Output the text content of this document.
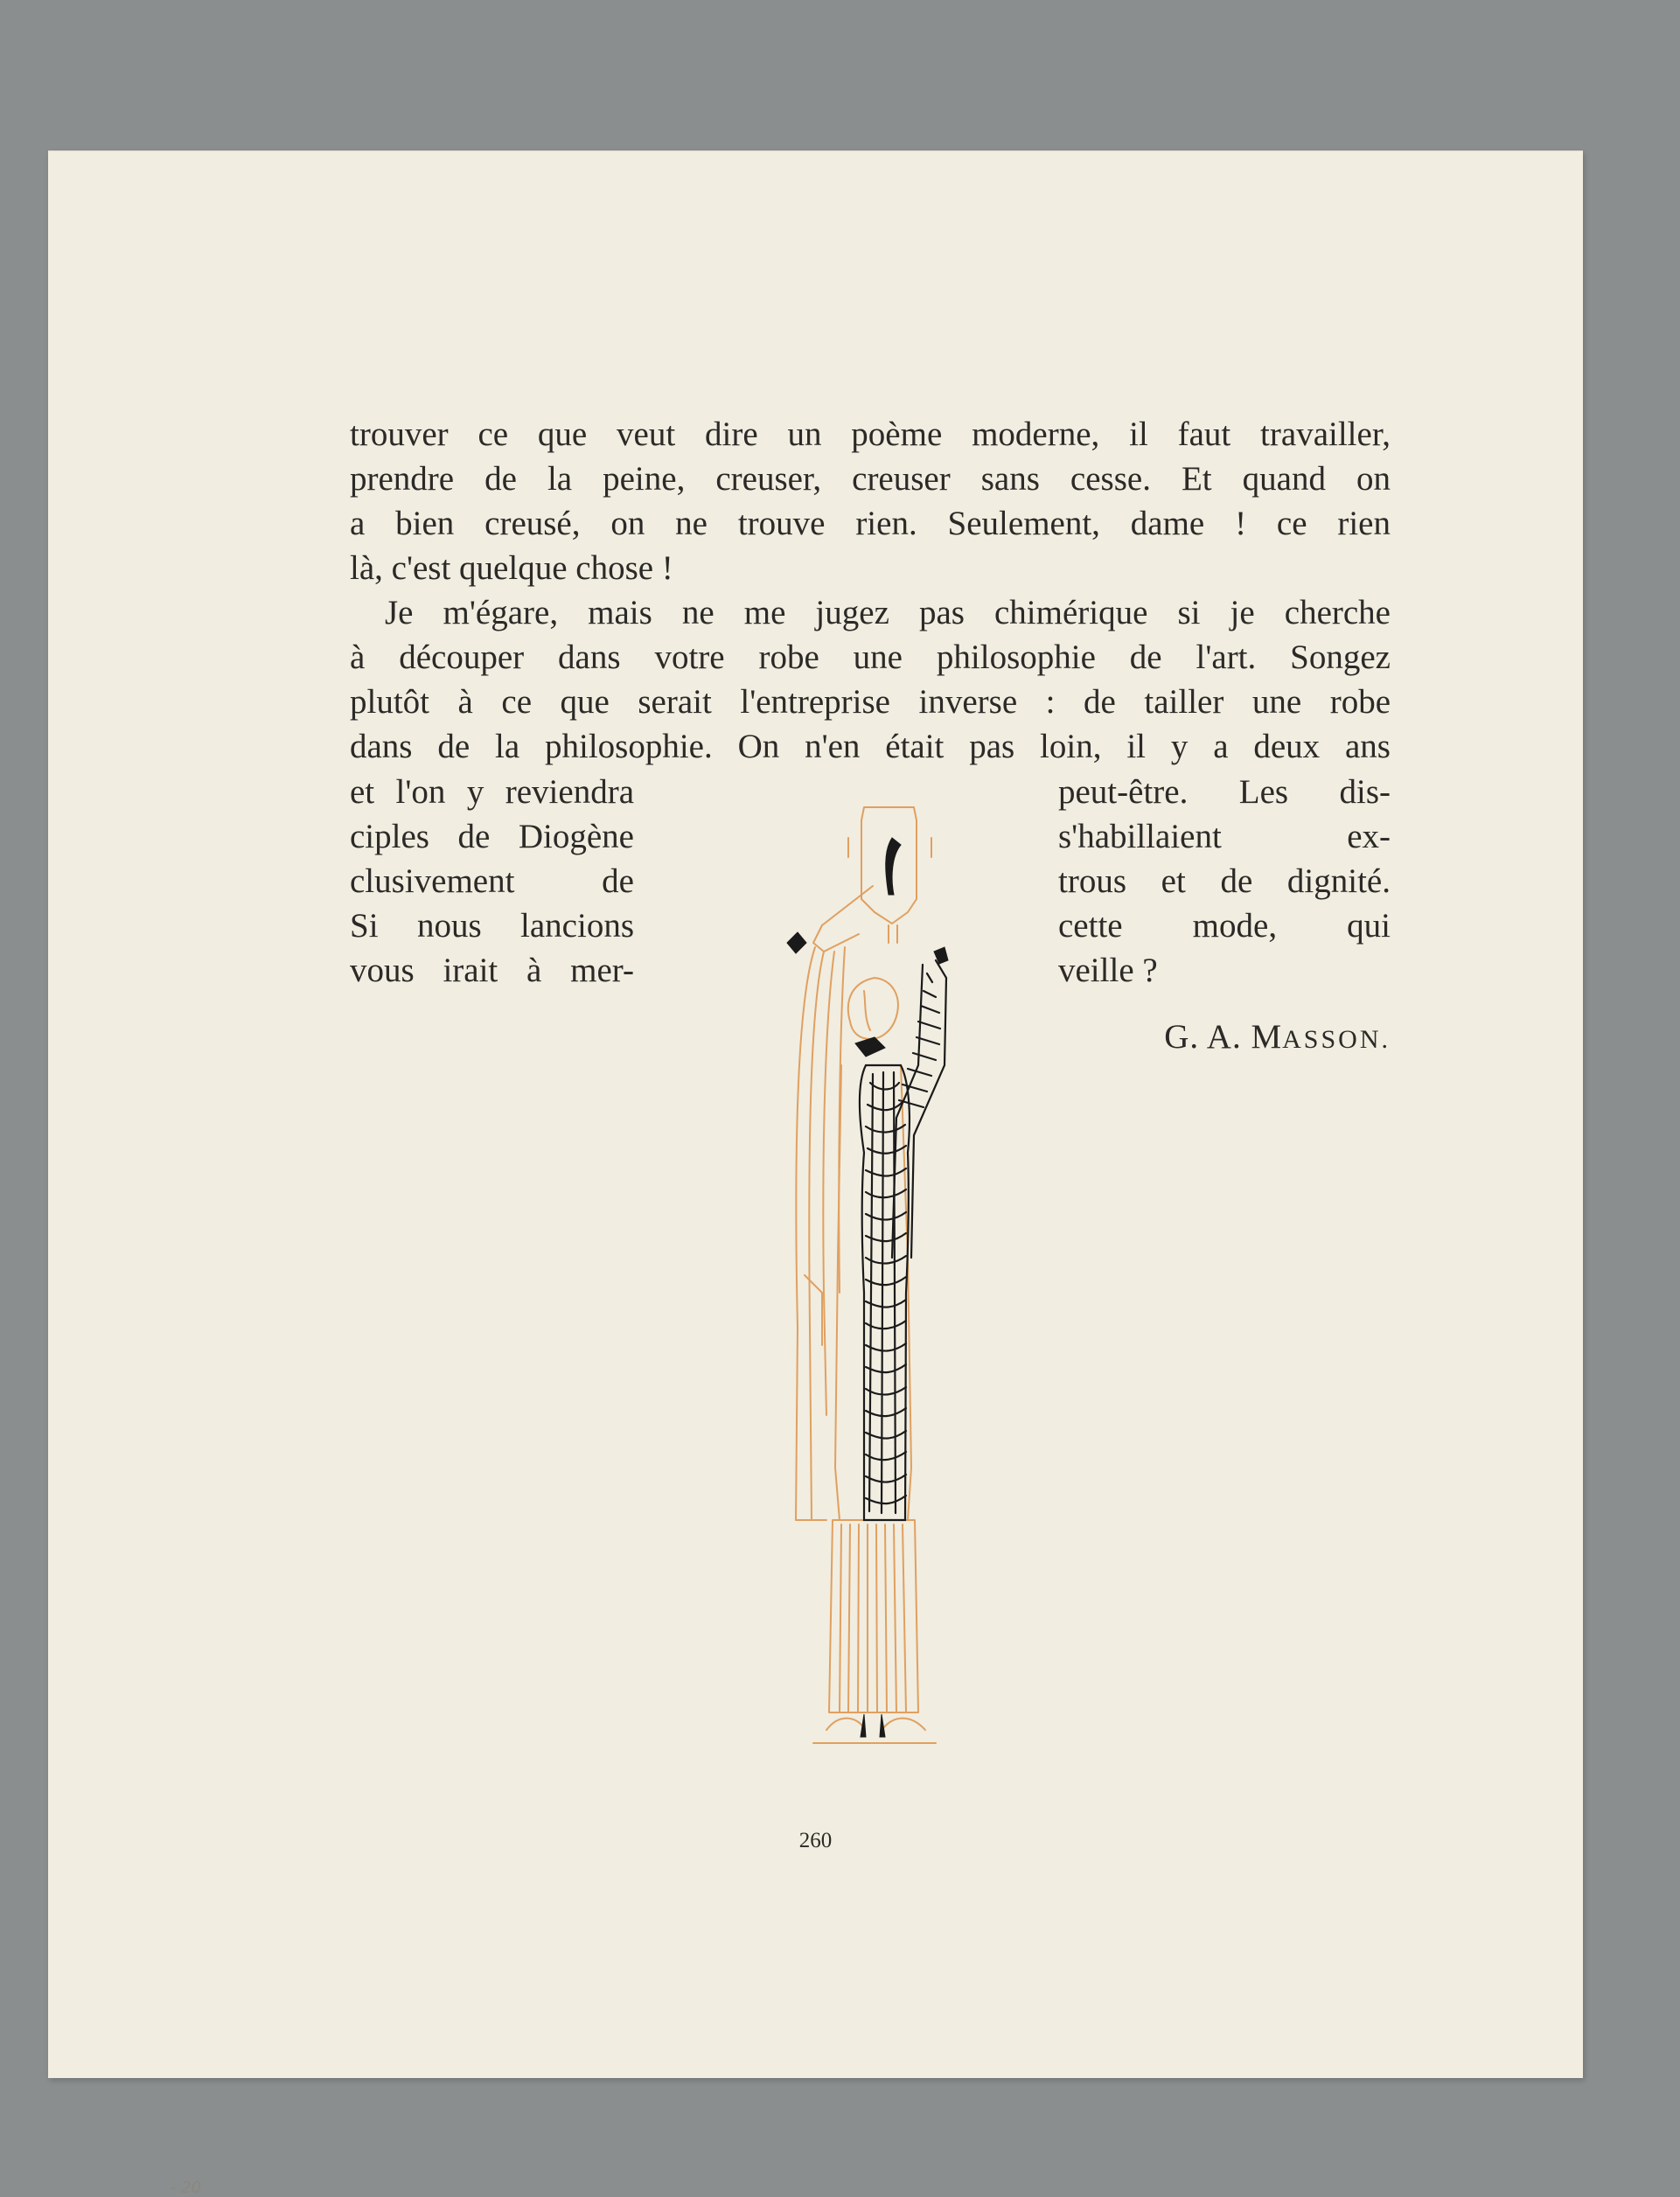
trouver ce que veut dire un poème moderne, il faut travailler,
prendre de la peine, creuser, creuser sans cesse. Et quand on
a bien creusé, on ne trouve rien. Seulement, dame ! ce rien
là, c'est quelque chose !
Je m'égare, mais ne me jugez pas chimérique si je cherche
à découper dans votre robe une philosophie de l'art. Songez
plutôt à ce que serait l'entreprise inverse : de tailler une robe
dans de la philosophie. On n'en était pas loin, il y a deux ans
et l'on y reviendra
ciples de Diogène
clusivement de
Si nous lancions
vous irait à mer-
peut-être. Les dis-
s'habillaient ex-
trous et de dignité.
cette mode, qui
veille ?
G. A. MASSON.
260
- 20
